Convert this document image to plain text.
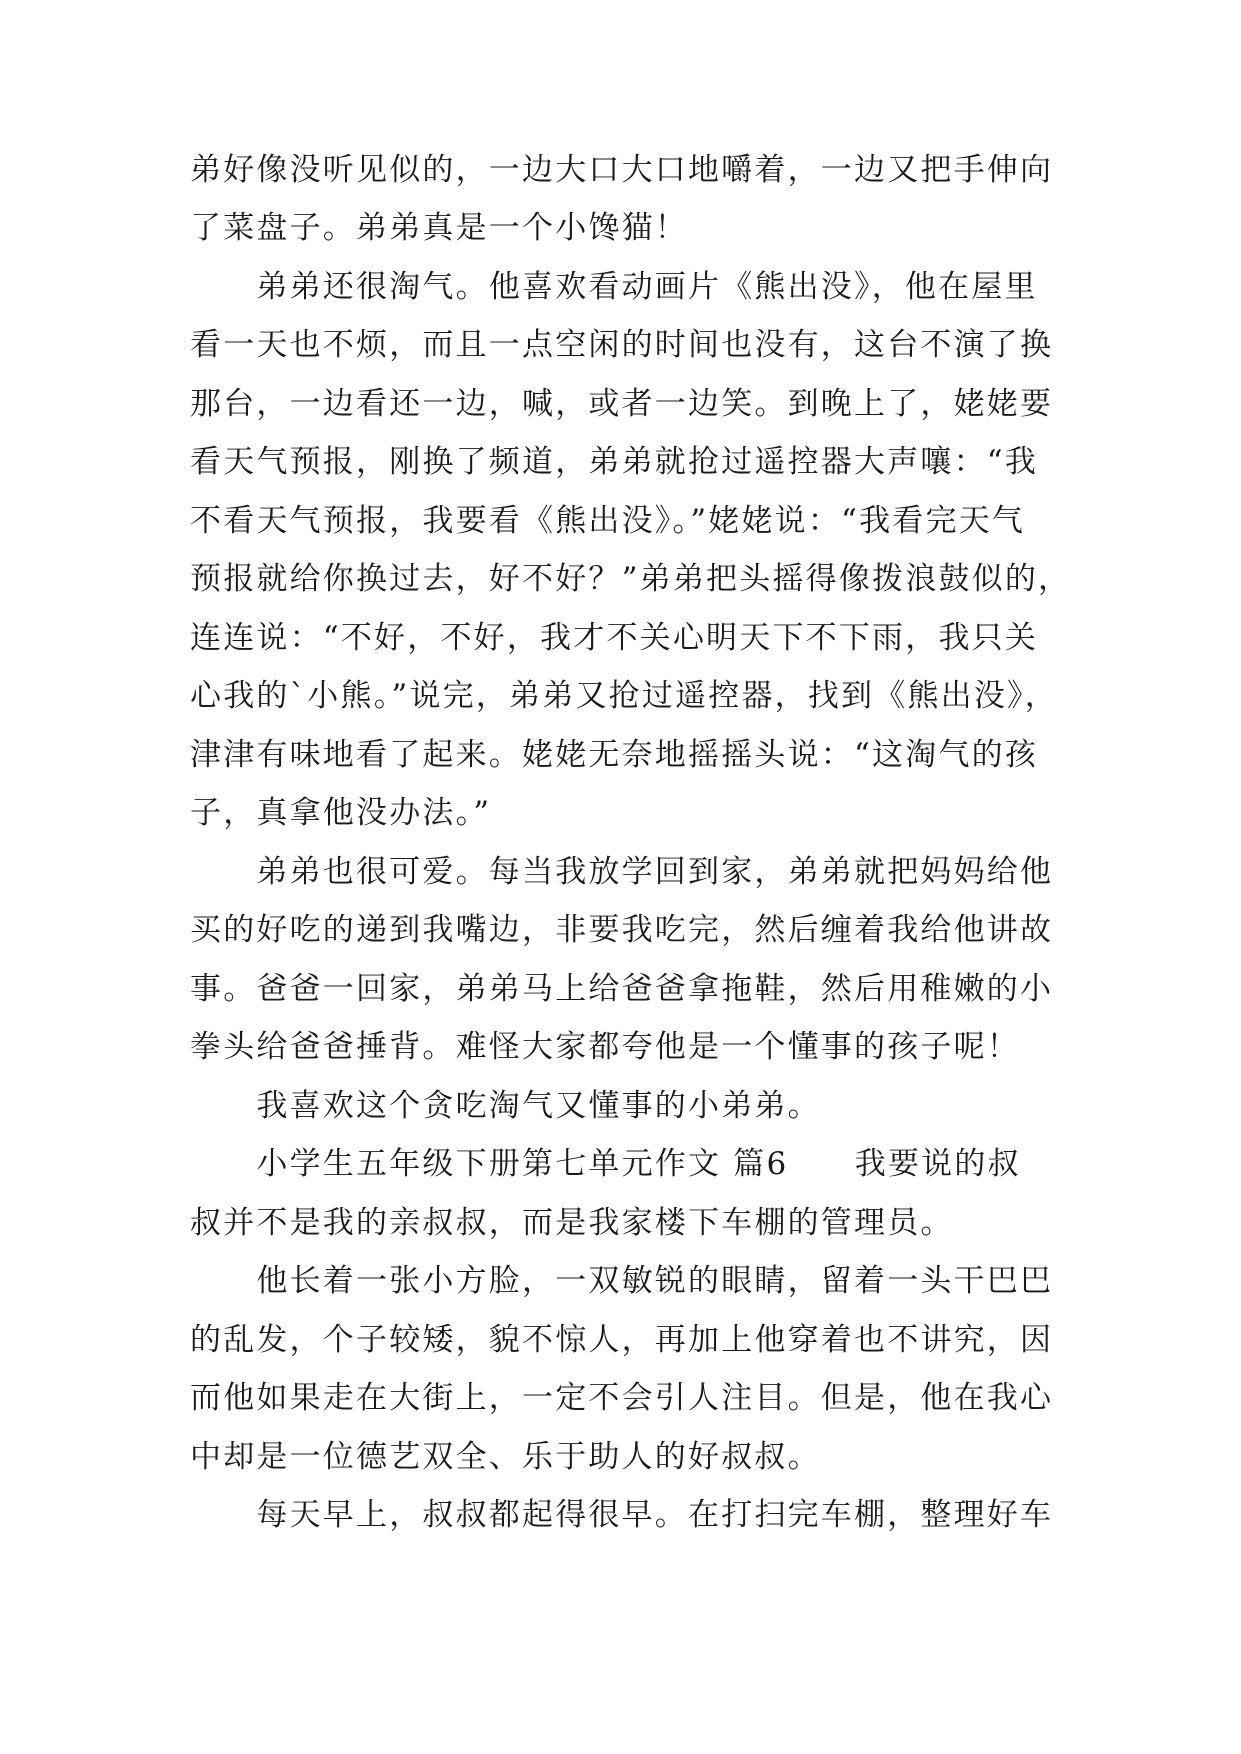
弟好像没听见似的，一边大口大口地嚼着，一边又把手伸向
了菜盘子。弟弟真是一个小馋猫！
　　弟弟还很淘气。他喜欢看动画片《熊出没》，他在屋里
看一天也不烦，而且一点空闲的时间也没有，这台不演了换
那台，一边看还一边，喊，或者一边笑。到晚上了，姥姥要
看天气预报，刚换了频道，弟弟就抢过遥控器大声嚷：“我
不看天气预报，我要看《熊出没》。”姥姥说：“我看完天气
预报就给你换过去，好不好？”弟弟把头摇得像拨浪鼓似的，
连连说：“不好，不好，我才不关心明天下不下雨，我只关
心我的`小熊。”说完，弟弟又抢过遥控器，找到《熊出没》，
津津有味地看了起来。姥姥无奈地摇摇头说：“这淘气的孩
子，真拿他没办法。”
　　弟弟也很可爱。每当我放学回到家，弟弟就把妈妈给他
买的好吃的递到我嘴边，非要我吃完，然后缠着我给他讲故
事。爸爸一回家，弟弟马上给爸爸拿拖鞋，然后用稚嫩的小
拳头给爸爸捶背。难怪大家都夸他是一个懂事的孩子呢！
　　我喜欢这个贪吃淘气又懂事的小弟弟。
　　小学生五年级下册第七单元作文 篇6　　我要说的叔
叔并不是我的亲叔叔，而是我家楼下车棚的管理员。
　　他长着一张小方脸，一双敏锐的眼睛，留着一头干巴巴
的乱发，个子较矮，貌不惊人，再加上他穿着也不讲究，因
而他如果走在大街上，一定不会引人注目。但是，他在我心
中却是一位德艺双全、乐于助人的好叔叔。
　　每天早上，叔叔都起得很早。在打扫完车棚，整理好车
